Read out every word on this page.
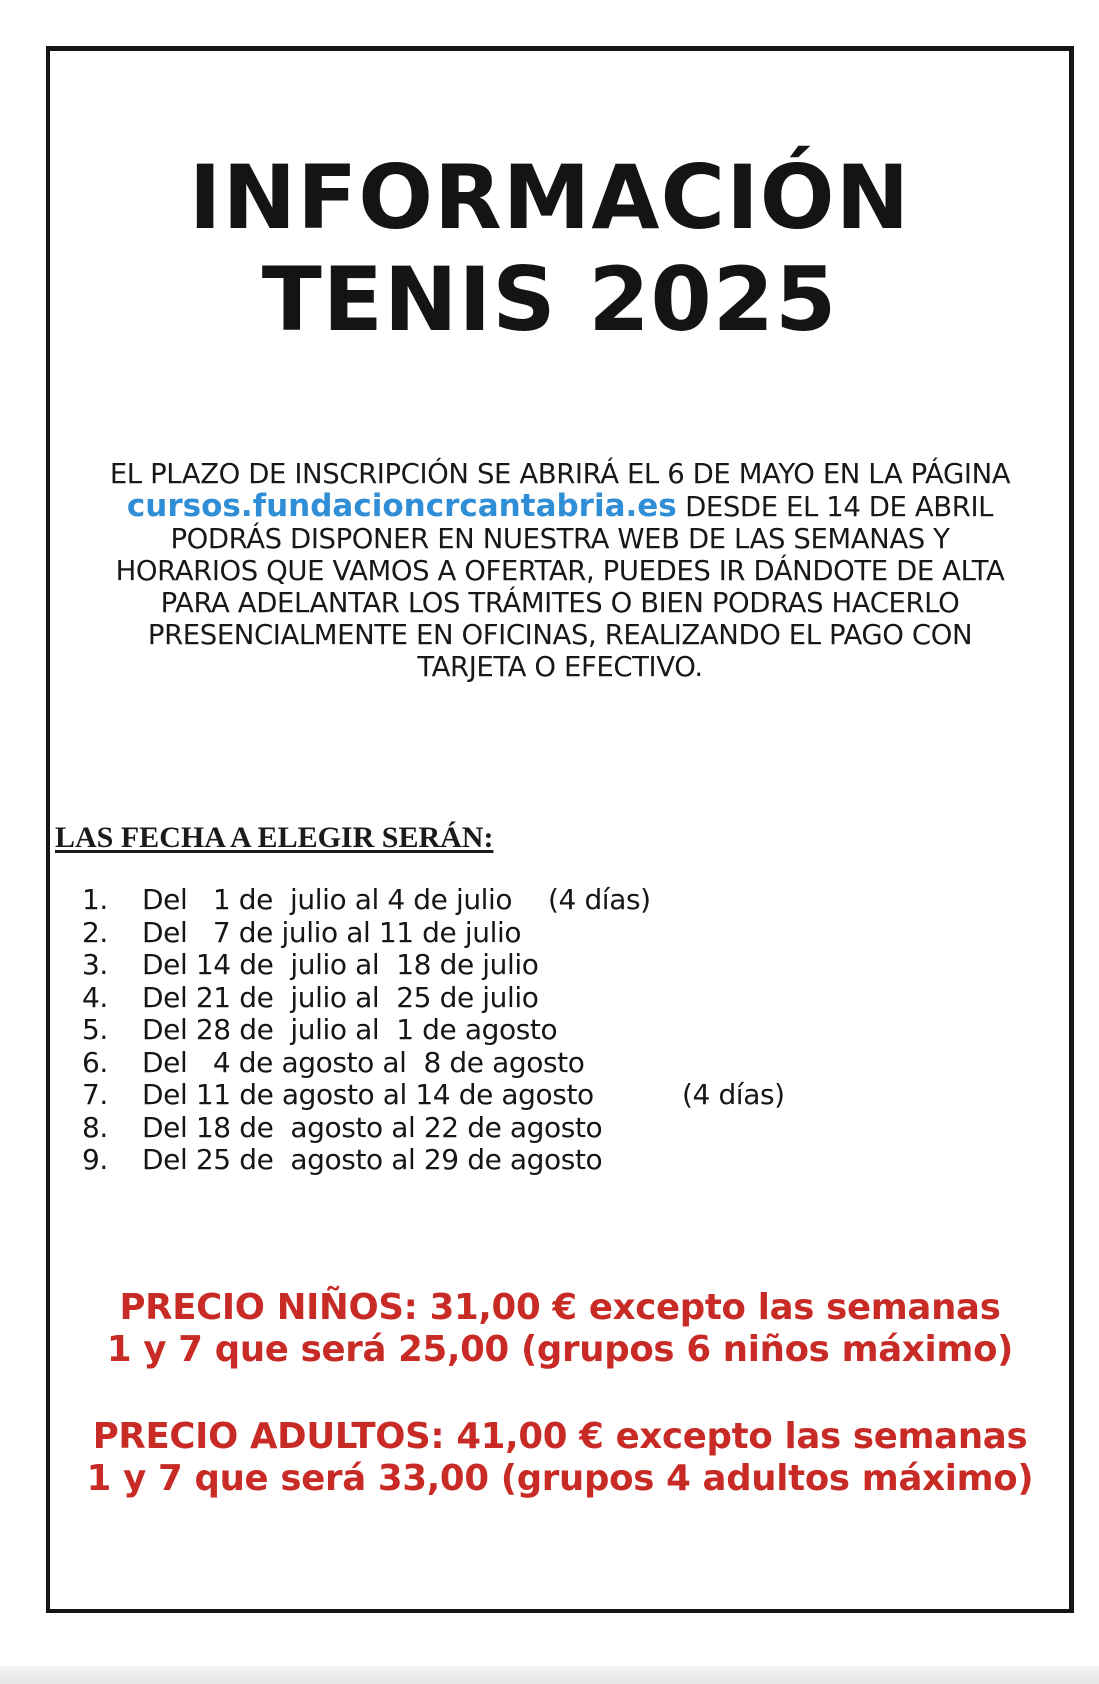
INFORMACIÓN
TENIS 2025
EL PLAZO DE INSCRIPCIÓN SE ABRIRÁ EL 6 DE MAYO EN LA PÁGINA
cursos.fundacioncrcantabria.es DESDE EL 14 DE ABRIL
PODRÁS DISPONER EN NUESTRA WEB DE LAS SEMANAS Y
HORARIOS QUE VAMOS A OFERTAR, PUEDES IR DÁNDOTE DE ALTA
PARA ADELANTAR LOS TRÁMITES O BIEN PODRAS HACERLO
PRESENCIALMENTE EN OFICINAS, REALIZANDO EL PAGO CON
TARJETA O EFECTIVO.
LAS FECHA A ELEGIR SERÁN:
1. Del   1 de  julio al 4 de julio (4 días)
2. Del   7 de julio al 11 de julio
3. Del 14 de  julio al  18 de julio
4. Del 21 de  julio al  25 de julio
5. Del 28 de  julio al  1 de agosto
6. Del   4 de agosto al  8 de agosto
7. Del 11 de agosto al 14 de agosto	(4 días)
8. Del 18 de  agosto al 22 de agosto
9. Del 25 de  agosto al 29 de agosto
PRECIO NIÑOS: 31,00 € excepto las semanas
1 y 7 que será 25,00 (grupos 6 niños máximo)
PRECIO ADULTOS: 41,00 € excepto las semanas
1 y 7 que será 33,00 (grupos 4 adultos máximo)
